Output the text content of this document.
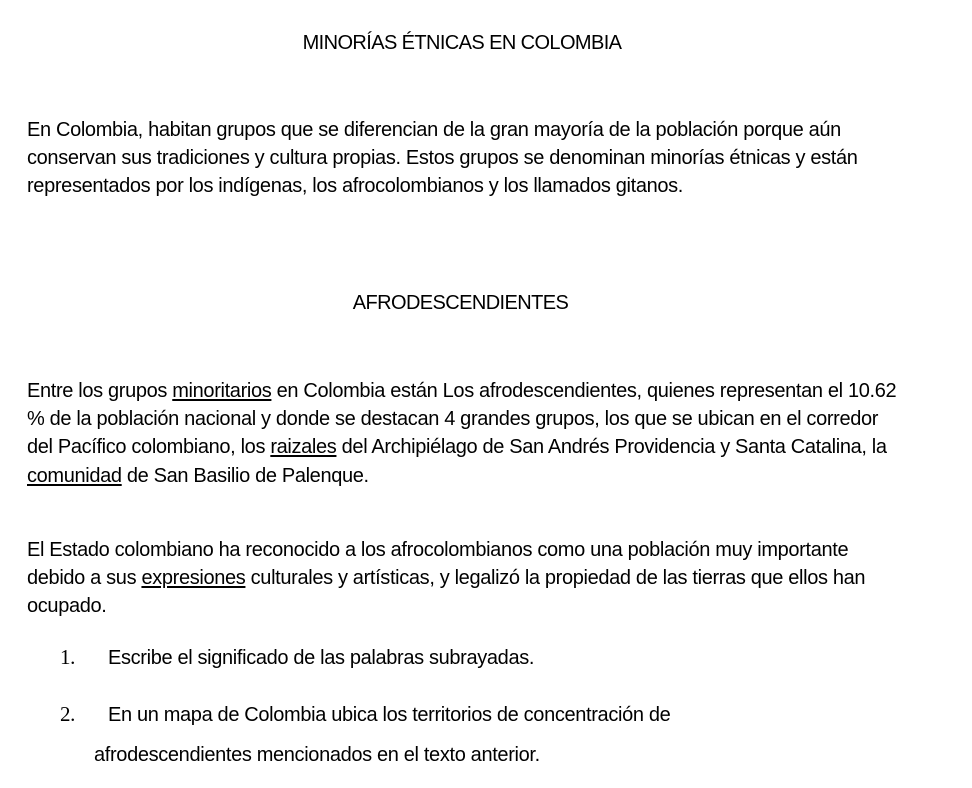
MINORÍAS ÉTNICAS EN COLOMBIA

En Colombia, habitan grupos que se diferencian de la gran mayoría de la población porque aún conservan sus tradiciones y cultura propias. Estos grupos se denominan minorías étnicas y están representados por los indígenas, los afrocolombianos y los llamados gitanos.

AFRODESCENDIENTES

Entre los grupos minoritarios en Colombia están Los afrodescendientes, quienes representan el 10.62 % de la población nacional y donde se destacan 4 grandes grupos, los que se ubican en el corredor del Pacífico colombiano, los raizales del Archipiélago de San Andrés Providencia y Santa Catalina, la comunidad de San Basilio de Palenque.

El Estado colombiano ha reconocido a los afrocolombianos como una población muy importante debido a sus expresiones culturales y artísticas, y legalizó la propiedad de las tierras que ellos han ocupado.

1. Escribe el significado de las palabras subrayadas.
2. En un mapa de Colombia ubica los territorios de concentración de
afrodescendientes mencionados en el texto anterior.
